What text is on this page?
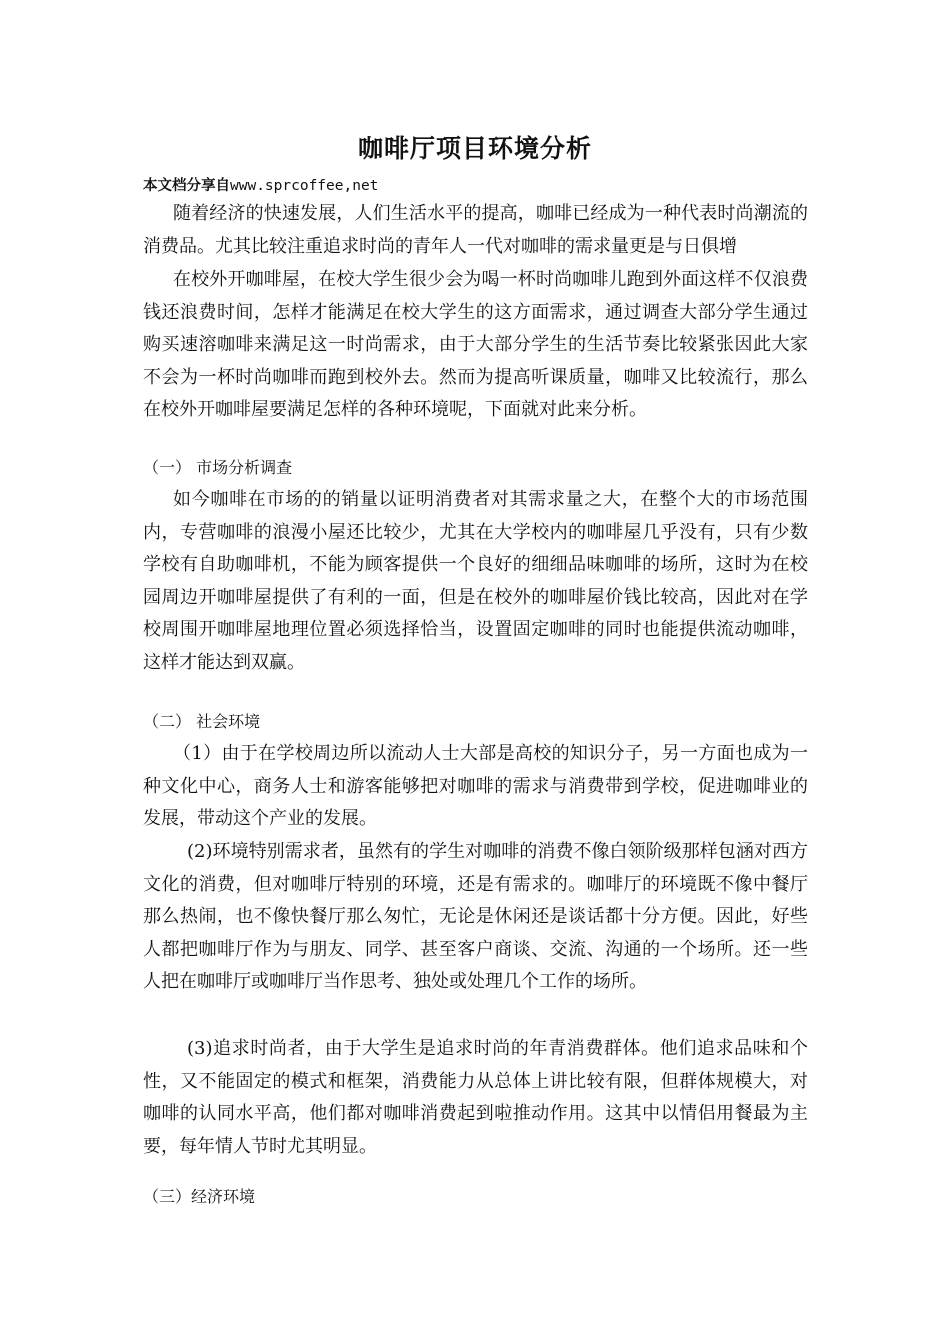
咖啡厅项目环境分析
本文档分享自www.sprcoffee,net

随着经济的快速发展，人们生活水平的提高，咖啡已经成为一种代表时尚潮流的消费品。尤其比较注重追求时尚的青年人一代对咖啡的需求量更是与日俱增

在校外开咖啡屋，在校大学生很少会为喝一杯时尚咖啡儿跑到外面这样不仅浪费钱还浪费时间，怎样才能满足在校大学生的这方面需求，通过调查大部分学生通过购买速溶咖啡来满足这一时尚需求，由于大部分学生的生活节奏比较紧张因此大家不会为一杯时尚咖啡而跑到校外去。然而为提高听课质量，咖啡又比较流行，那么在校外开咖啡屋要满足怎样的各种环境呢，下面就对此来分析。

（一） 市场分析调查

如今咖啡在市场的的销量以证明消费者对其需求量之大，在整个大的市场范围内，专营咖啡的浪漫小屋还比较少，尤其在大学校内的咖啡屋几乎没有，只有少数学校有自助咖啡机，不能为顾客提供一个良好的细细品味咖啡的场所，这时为在校园周边开咖啡屋提供了有利的一面，但是在校外的咖啡屋价钱比较高，因此对在学校周围开咖啡屋地理位置必须选择恰当，设置固定咖啡的同时也能提供流动咖啡，这样才能达到双赢。

（二） 社会环境

（1）由于在学校周边所以流动人士大部是高校的知识分子，另一方面也成为一种文化中心，商务人士和游客能够把对咖啡的需求与消费带到学校，促进咖啡业的发展，带动这个产业的发展。

(2)环境特别需求者，虽然有的学生对咖啡的消费不像白领阶级那样包涵对西方文化的消费，但对咖啡厅特别的环境，还是有需求的。咖啡厅的环境既不像中餐厅那么热闹，也不像快餐厅那么匆忙，无论是休闲还是谈话都十分方便。因此，好些人都把咖啡厅作为与朋友、同学、甚至客户商谈、交流、沟通的一个场所。还一些人把在咖啡厅或咖啡厅当作思考、独处或处理几个工作的场所。

(3)追求时尚者，由于大学生是追求时尚的年青消费群体。他们追求品味和个性，又不能固定的模式和框架，消费能力从总体上讲比较有限，但群体规模大，对咖啡的认同水平高，他们都对咖啡消费起到啦推动作用。这其中以情侣用餐最为主要，每年情人节时尤其明显。

（三）经济环境
